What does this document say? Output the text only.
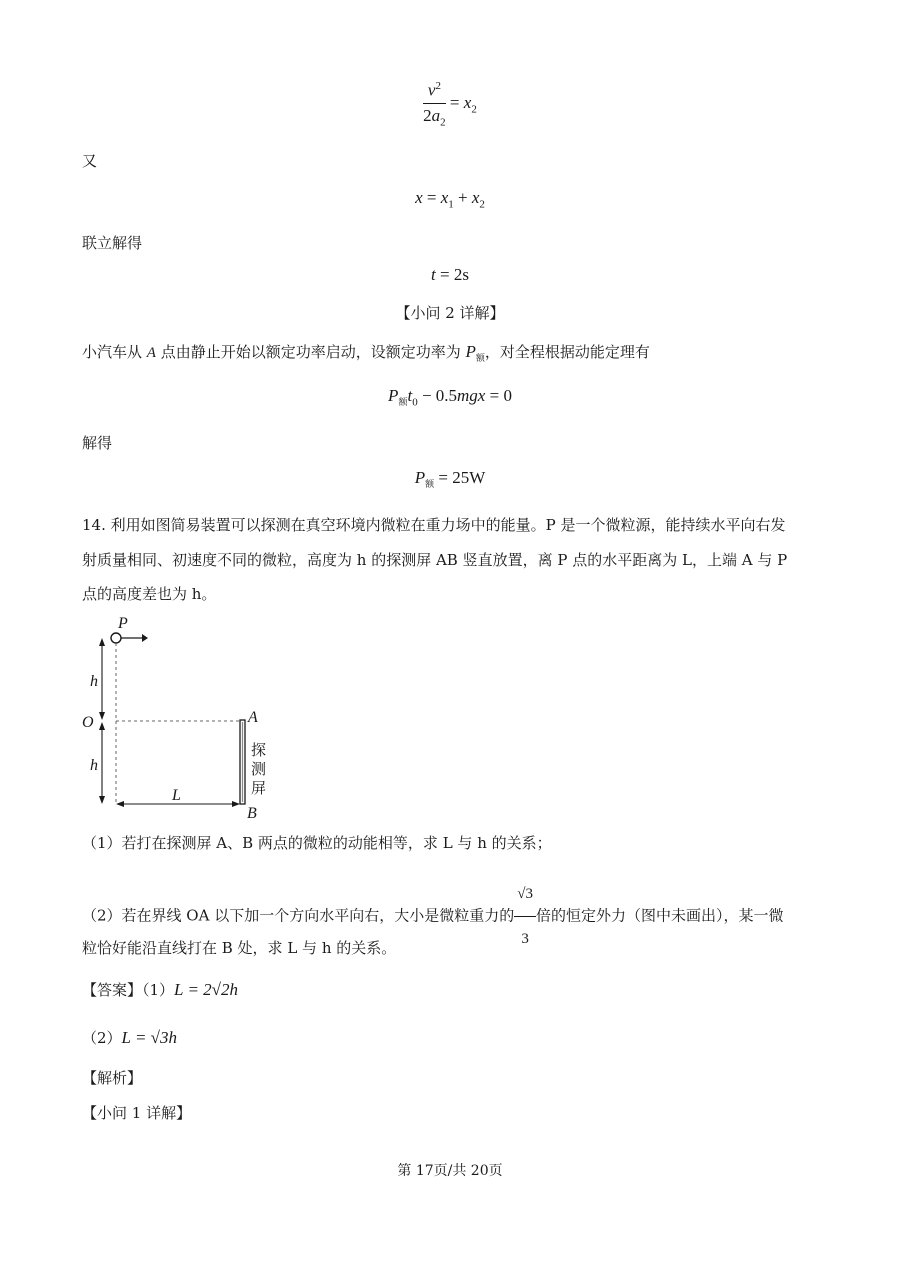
$\frac{v^2}{2a_2} = x_2$
又
$x = x_1 + x_2$
联立解得
t = 2s
【小问 2 详解】
小汽车从 A 点由静止开始以额定功率启动，设额定功率为 $P_额$，对全程根据动能定理有
$P_额t_0 - 0.5mgx = 0$
解得
$P_额 = 25W$
14. 利用如图简易装置可以探测在真空环境内微粒在重力场中的能量。P 是一个微粒源，能持续水平向右发
射质量相同、初速度不同的微粒，高度为 h 的探测屏 AB 竖直放置，离 P 点的水平距离为 L，上端 A 与 P
点的高度差也为 h。
P
h
O
h
A
B
L
探
测
屏
（1）若打在探测屏 A、B 两点的微粒的动能相等，求 L 与 h 的关系；
（2）若在界线 OA 以下加一个方向水平向右，大小是微粒重力的 $\frac{√3}{3}$ 倍的恒定外力（图中未画出），某一微
粒恰好能沿直线打在 B 处，求 L 与 h 的关系。
【答案】（1）L = 2√2h
（2）L = √3h
【解析】
【小问 1 详解】
第 17页/共 20页
